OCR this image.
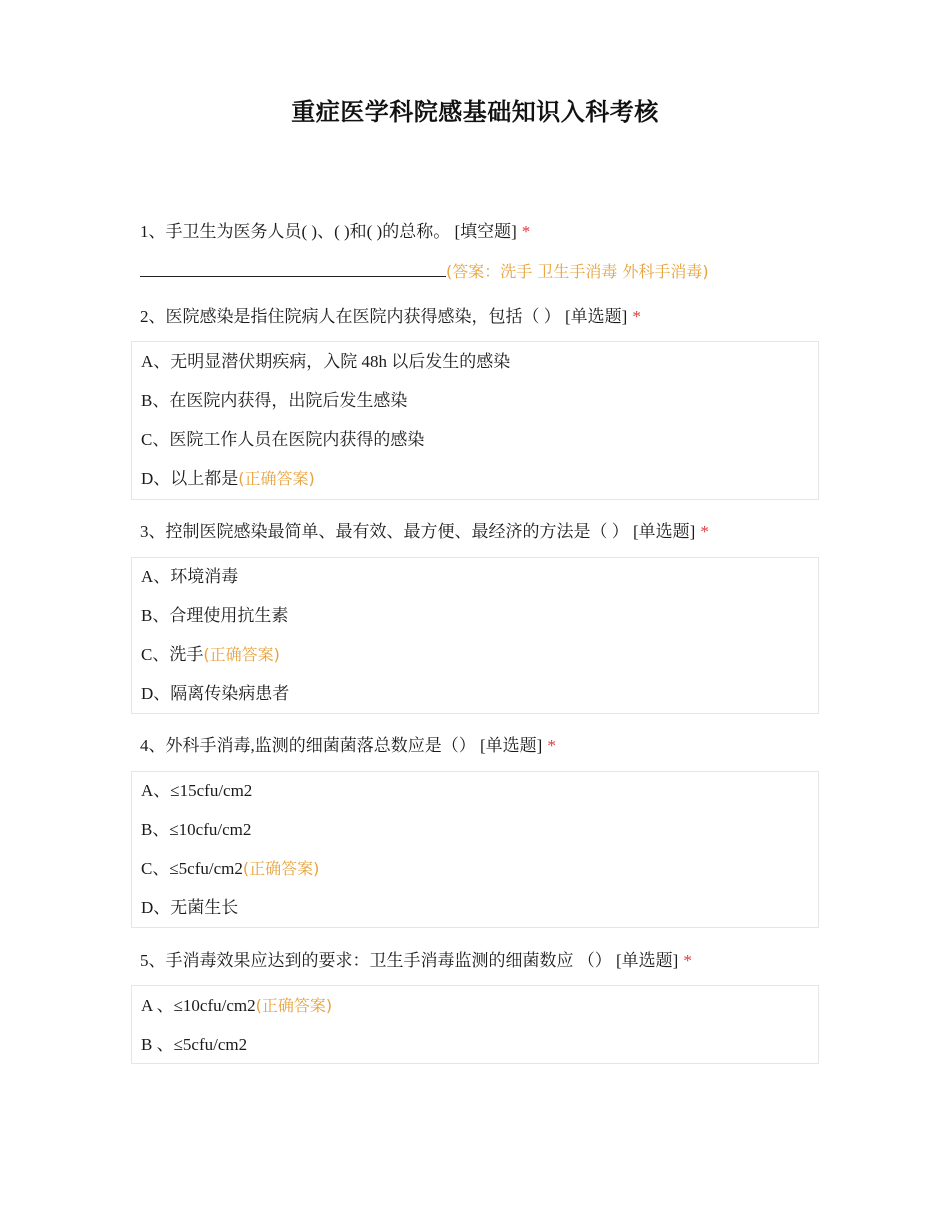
重症医学科院感基础知识入科考核
1、手卫生为医务人员( )、( )和( )的总称。 [填空题] *
(答案：洗手 卫生手消毒 外科手消毒)
2、医院感染是指住院病人在医院内获得感染，包括（ ） [单选题] *
A、无明显潜伏期疾病，入院 48h 以后发生的感染
B、在医院内获得，出院后发生感染
C、医院工作人员在医院内获得的感染
D、以上都是(正确答案)
3、控制医院感染最简单、最有效、最方便、最经济的方法是（ ） [单选题] *
A、环境消毒
B、合理使用抗生素
C、洗手(正确答案)
D、隔离传染病患者
4、外科手消毒,监测的细菌菌落总数应是（） [单选题] *
A、≤15cfu/cm2
B、≤10cfu/cm2
C、≤5cfu/cm2(正确答案)
D、无菌生长
5、手消毒效果应达到的要求：卫生手消毒监测的细菌数应 （） [单选题] *
A 、≤10cfu/cm2(正确答案)
B 、≤5cfu/cm2
